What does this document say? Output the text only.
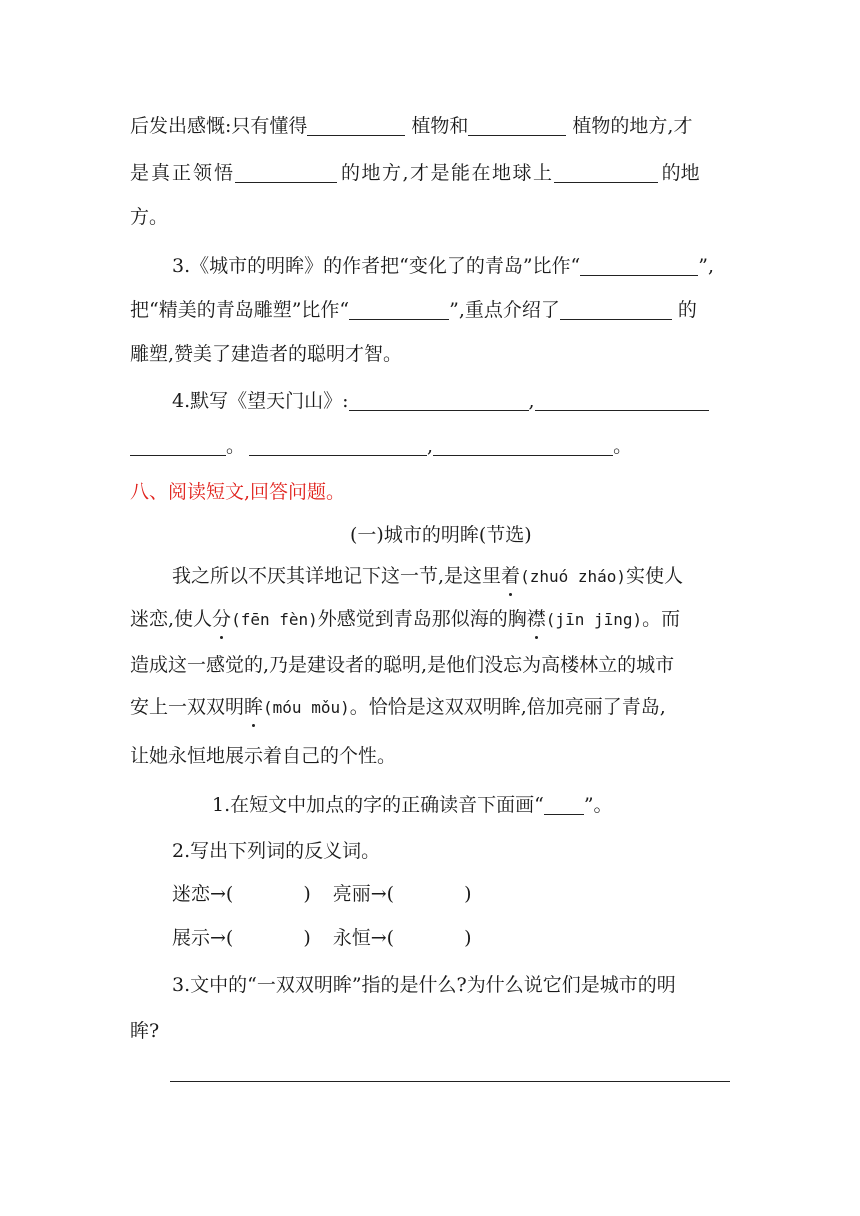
后发出感慨:只有懂得	植物和	植物的地方,才
是真正领悟	的地方,才是能在地球上	的地
方。
3.《城市的明眸》的作者把“变化了的青岛”比作“	”,
把“精美的青岛雕塑”比作“	”,重点介绍了	的
雕塑,赞美了建造者的聪明才智。
4.默写《望天门山》:	,
。	,	。
八、阅读短文,回答问题。
(一)城市的明眸(节选)
我之所以不厌其详地记下这一节,是这里着(zhuó zháo)实使人
迷恋,使人分(fēn fèn)外感觉到青岛那似海的胸襟(jīn jīng)。而
造成这一感觉的,乃是建设者的聪明,是他们没忘为高楼林立的城市
安上一双双明眸(móu mǒu)。恰恰是这双双明眸,倍加亮丽了青岛,
让她永恒地展示着自己的个性。
1.在短文中加点的字的正确读音下面画“ ”。
2.写出下列词的反义词。
迷恋→(	) 亮丽→(	)
展示→(	) 永恒→(	)
3.文中的“一双双明眸”指的是什么?为什么说它们是城市的明
眸?
